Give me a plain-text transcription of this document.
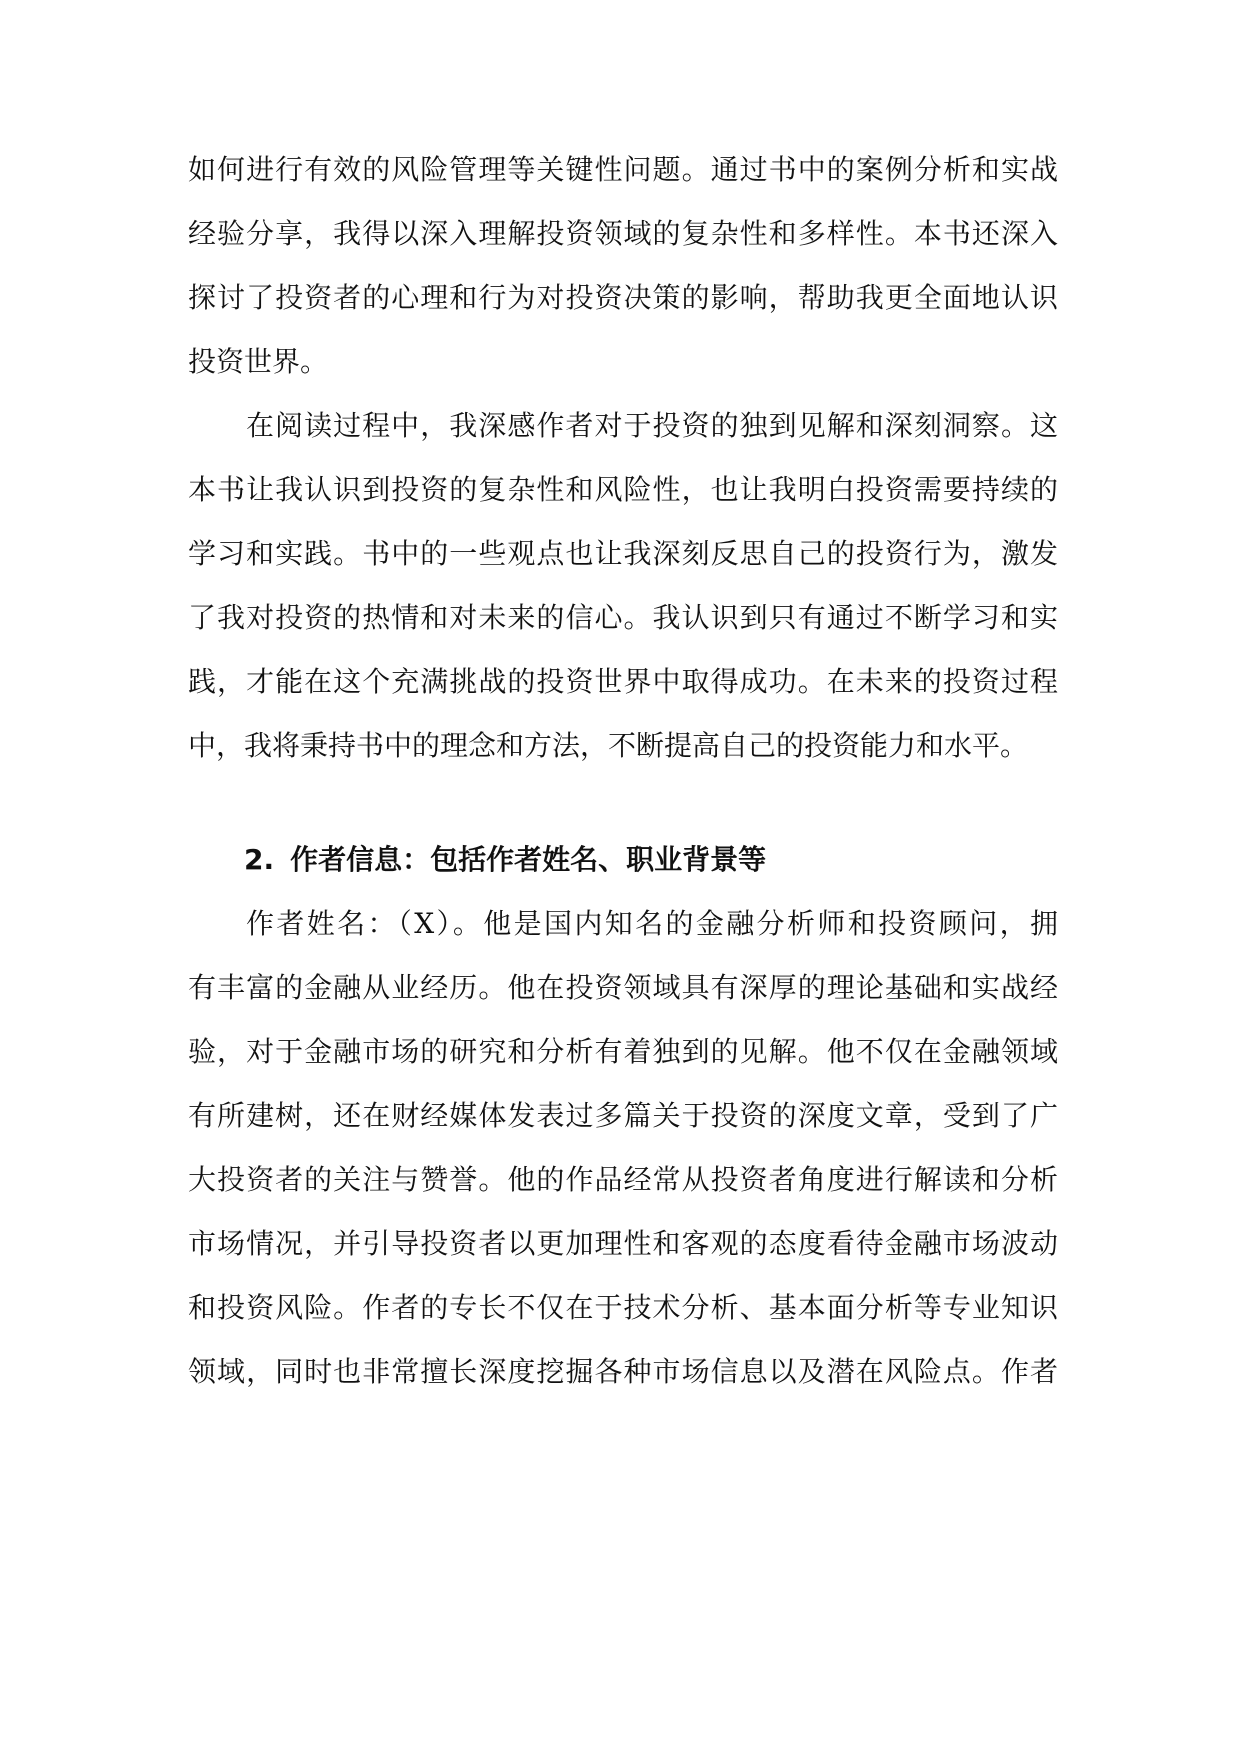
如何进行有效的风险管理等关键性问题。通过书中的案例分析和实战
经验分享，我得以深入理解投资领域的复杂性和多样性。本书还深入
探讨了投资者的心理和行为对投资决策的影响，帮助我更全面地认识
投资世界。
在阅读过程中，我深感作者对于投资的独到见解和深刻洞察。这
本书让我认识到投资的复杂性和风险性，也让我明白投资需要持续的
学习和实践。书中的一些观点也让我深刻反思自己的投资行为，激发
了我对投资的热情和对未来的信心。我认识到只有通过不断学习和实
践，才能在这个充满挑战的投资世界中取得成功。在未来的投资过程
中，我将秉持书中的理念和方法，不断提高自己的投资能力和水平。
2. 作者信息：包括作者姓名、职业背景等
作者姓名：（X）。他是国内知名的金融分析师和投资顾问，拥
有丰富的金融从业经历。他在投资领域具有深厚的理论基础和实战经
验，对于金融市场的研究和分析有着独到的见解。他不仅在金融领域
有所建树，还在财经媒体发表过多篇关于投资的深度文章，受到了广
大投资者的关注与赞誉。他的作品经常从投资者角度进行解读和分析
市场情况，并引导投资者以更加理性和客观的态度看待金融市场波动
和投资风险。作者的专长不仅在于技术分析、基本面分析等专业知识
领域，同时也非常擅长深度挖掘各种市场信息以及潜在风险点。作者
